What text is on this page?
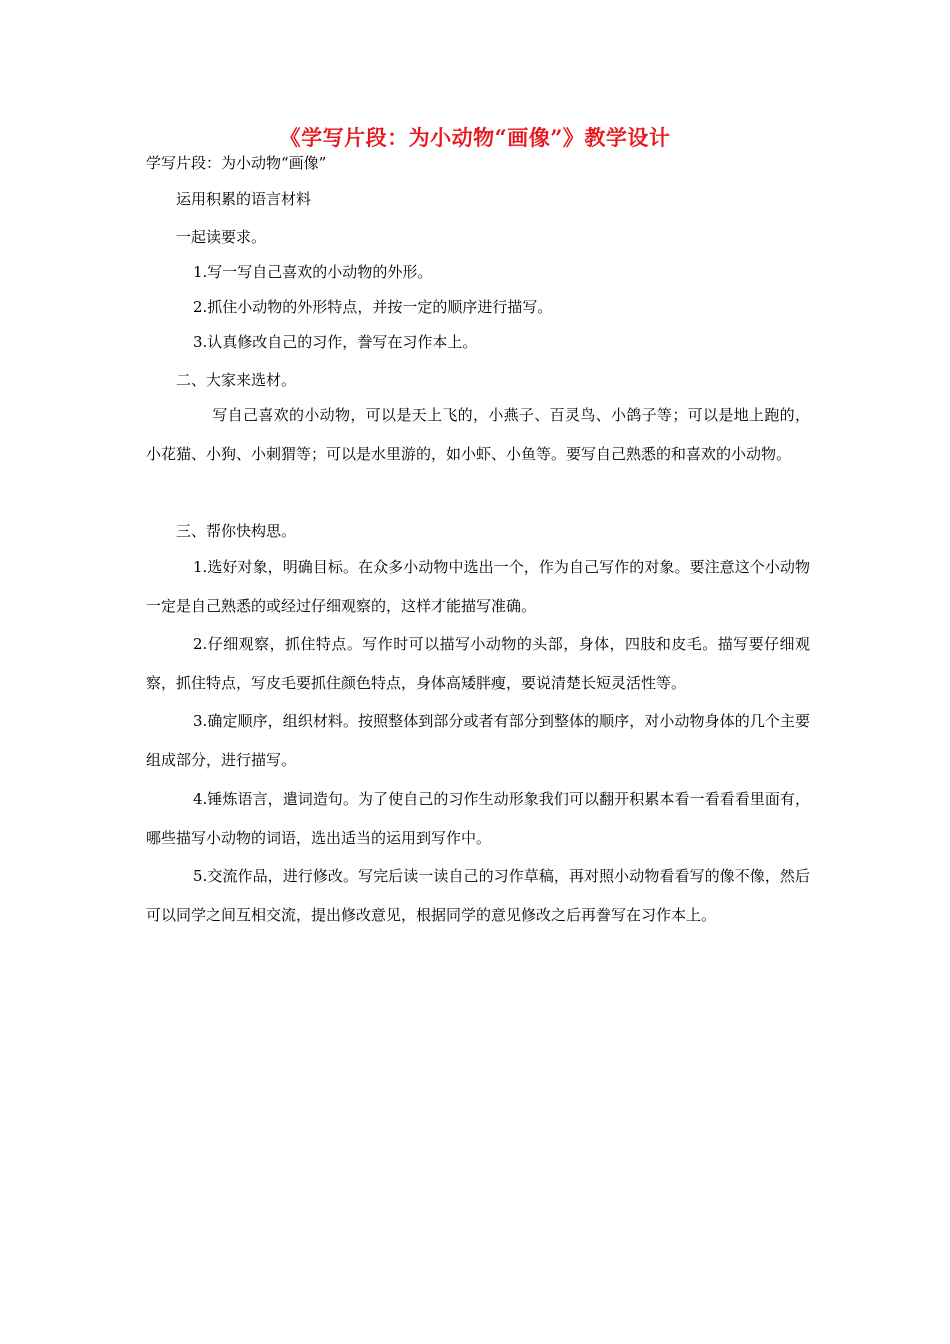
《学写片段：为小动物“画像”》教学设计
学写片段：为小动物“画像”
运用积累的语言材料
一起读要求。
1.写一写自己喜欢的小动物的外形。
2.抓住小动物的外形特点，并按一定的顺序进行描写。
3.认真修改自己的习作，誊写在习作本上。
二、大家来选材。
写自己喜欢的小动物，可以是天上飞的，小燕子、百灵鸟、小鸽子等；可以是地上跑的，小花猫、小狗、小刺猬等；可以是水里游的，如小虾、小鱼等。要写自己熟悉的和喜欢的小动物。
三、帮你快构思。
1.选好对象，明确目标。在众多小动物中选出一个，作为自己写作的对象。要注意这个小动物一定是自己熟悉的或经过仔细观察的，这样才能描写准确。
2.仔细观察，抓住特点。写作时可以描写小动物的头部，身体，四肢和皮毛。描写要仔细观察，抓住特点，写皮毛要抓住颜色特点，身体高矮胖瘦，要说清楚长短灵活性等。
3.确定顺序，组织材料。按照整体到部分或者有部分到整体的顺序，对小动物身体的几个主要组成部分，进行描写。
4.锤炼语言，遣词造句。为了使自己的习作生动形象我们可以翻开积累本看一看看看里面有，哪些描写小动物的词语，选出适当的运用到写作中。
5.交流作品，进行修改。写完后读一读自己的习作草稿，再对照小动物看看写的像不像，然后可以同学之间互相交流，提出修改意见，根据同学的意见修改之后再誊写在习作本上。
